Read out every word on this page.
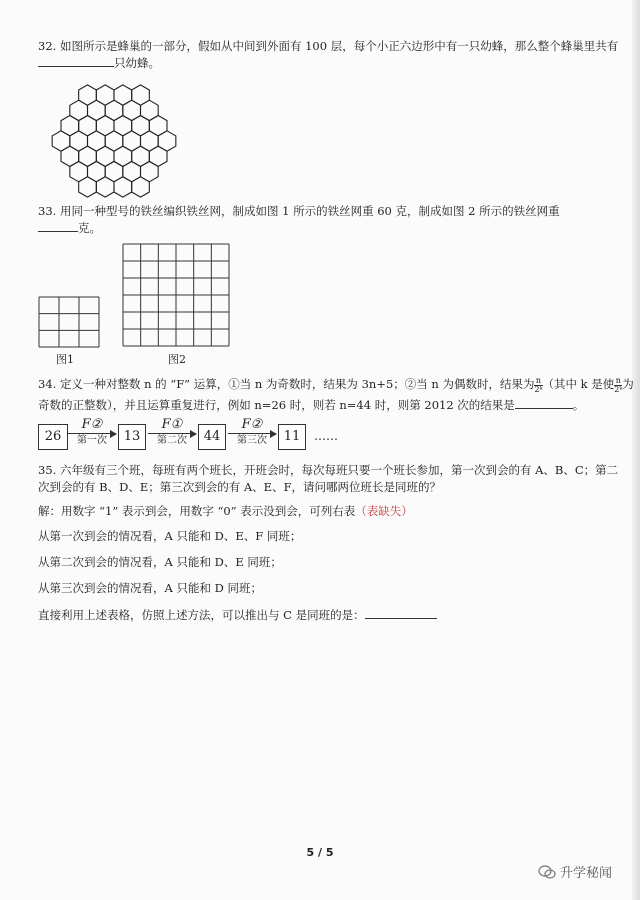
32. 如图所示是蜂巢的一部分，假如从中间到外面有 100 层，每个小正六边形中有一只幼蜂，那么整个蜂巢里共有
只幼蜂。
33. 用同一种型号的铁丝编织铁丝网，制成如图 1 所示的铁丝网重 60 克，制成如图 2 所示的铁丝网重
克。
图1	图2
34. 定义一种对整数 n 的 “F” 运算，①当 n 为奇数时，结果为 3n+5；②当 n 为偶数时，结果为 $\frac{n}{\text{2ᵏ}}$ （其中 k 是使 $\frac{n}{\text{2ᵏ}}$ 为
奇数的正整数），并且运算重复进行，例如 n=26 时，则若 n=44 时，则第 2012 次的结果是	。
26
F②
第一次	13
F①
第二次	44
F②
第三次	11	……
35. 六年级有三个班，每班有两个班长，开班会时，每次每班只要一个班长参加，第一次到会的有 A、B、C；第二
次到会的有 B、D、E；第三次到会的有 A、E、F，请问哪两位班长是同班的？
解：用数字 “1” 表示到会，用数字 “0” 表示没到会，可列右表（表缺失）
从第一次到会的情况看，A 只能和 D、E、F 同班；
从第二次到会的情况看，A 只能和 D、E 同班；
从第三次到会的情况看，A 只能和 D 同班；
直接利用上述表格，仿照上述方法，可以推出与 C 是同班的是：
5 / 5
升学秘闻
